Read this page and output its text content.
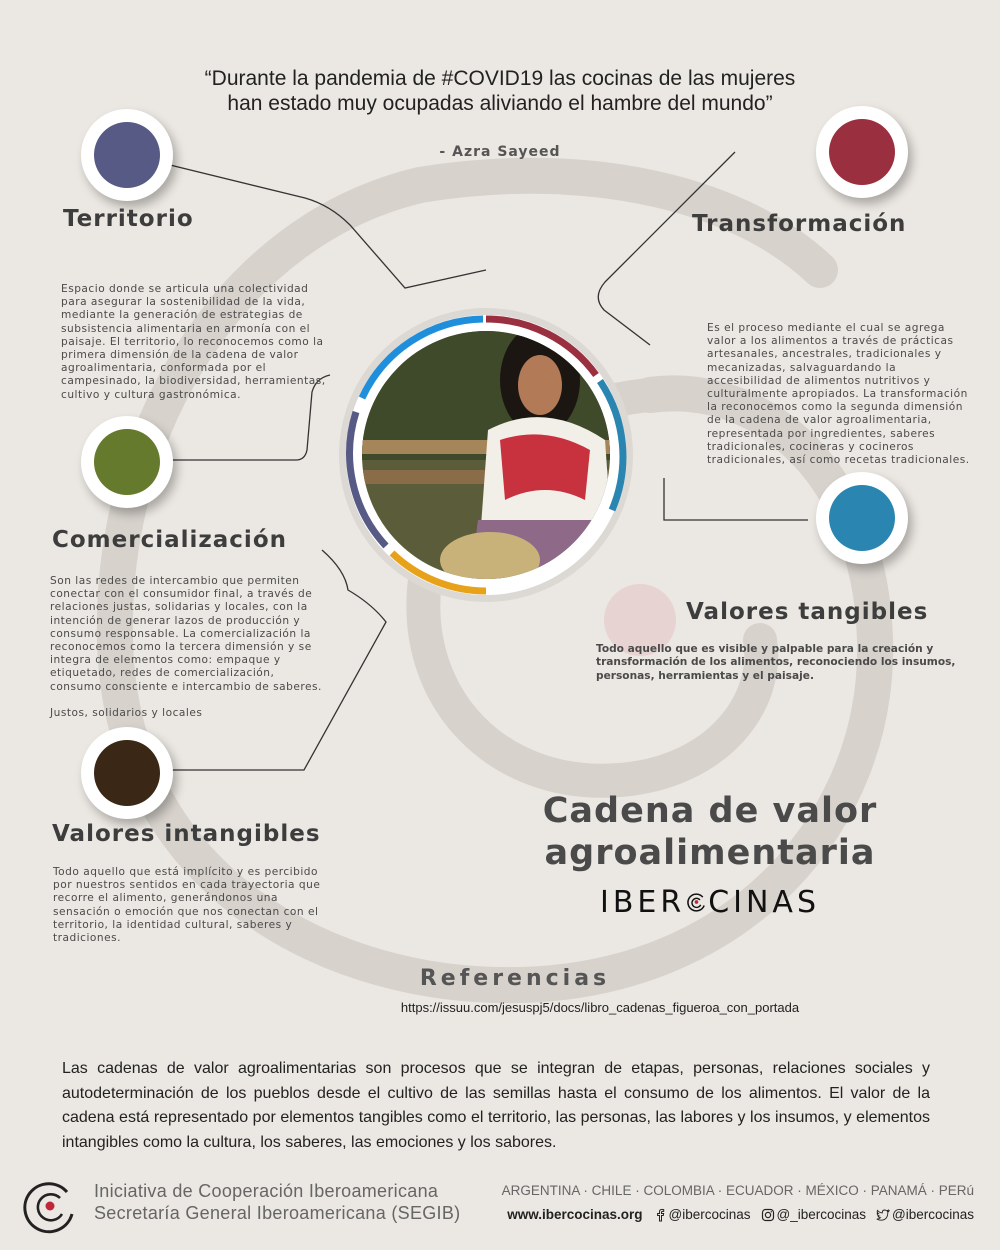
“Durante la pandemia de #COVID19 las cocinas de las mujeres han estado muy ocupadas aliviando el hambre del mundo”
- Azra Sayeed
Territorio
Espacio donde se articula una colectividad
para asegurar la sostenibilidad de la vida,
mediante la generación de estrategias de
subsistencia alimentaria en armonía con el
paisaje. El territorio, lo reconocemos como la
primera dimensión de la cadena de valor
agroalimentaria, conformada por el
campesinado, la biodiversidad, herramientas,
cultivo y cultura gastronómica.
Transformación
Es el proceso mediante el cual se agrega
valor a los alimentos a través de prácticas
artesanales, ancestrales, tradicionales y
mecanizadas, salvaguardando la
accesibilidad de alimentos nutritivos y
culturalmente apropiados. La transformación
la reconocemos como la segunda dimensión
de la cadena de valor agroalimentaria,
representada por ingredientes, saberes
tradicionales, cocineras y cocineros
tradicionales, así como recetas tradicionales.
Comercialización
Son las redes de intercambio que permiten
conectar con el consumidor final, a través de
relaciones justas, solidarias y locales, con la
intención de generar lazos de producción y
consumo responsable. La comercialización la
reconocemos como la tercera dimensión y se
integra de elementos como: empaque y
etiquetado, redes de comercialización,
consumo consciente e intercambio de saberes.
Justos, solidarios y locales
Valores tangibles
Todo aquello que es visible y palpable para la creación y
transformación de los alimentos, reconociendo los insumos,
personas, herramientas y el paisaje.
Valores intangibles
Todo aquello que está implícito y es percibido
por nuestros sentidos en cada trayectoria que
recorre el alimento, generándonos una
sensación o emoción que nos conectan con el
territorio, la identidad cultural, saberes y
tradiciones.
Cadena de valor
agroalimentaria
IBER CINAS
Referencias
https://issuu.com/jesuspj5/docs/libro_cadenas_figueroa_con_portada
Las cadenas de valor agroalimentarias son procesos que se integran de etapas, personas, relaciones sociales y autodeterminación de los pueblos desde el cultivo de las semillas hasta el consumo de los alimentos. El valor de la cadena está representado por elementos tangibles como el territorio, las personas, las labores y los insumos, y elementos intangibles como la cultura, los saberes, las emociones y los sabores.
Iniciativa de Cooperación Iberoamericana
Secretaría General Iberoamericana (SEGIB)
ARGENTINA · CHILE · COLOMBIA · ECUADOR · MÉXICO · PANAMÁ · PERú
www.ibercocinas.org @ibercocinas @_ibercocinas @ibercocinas
